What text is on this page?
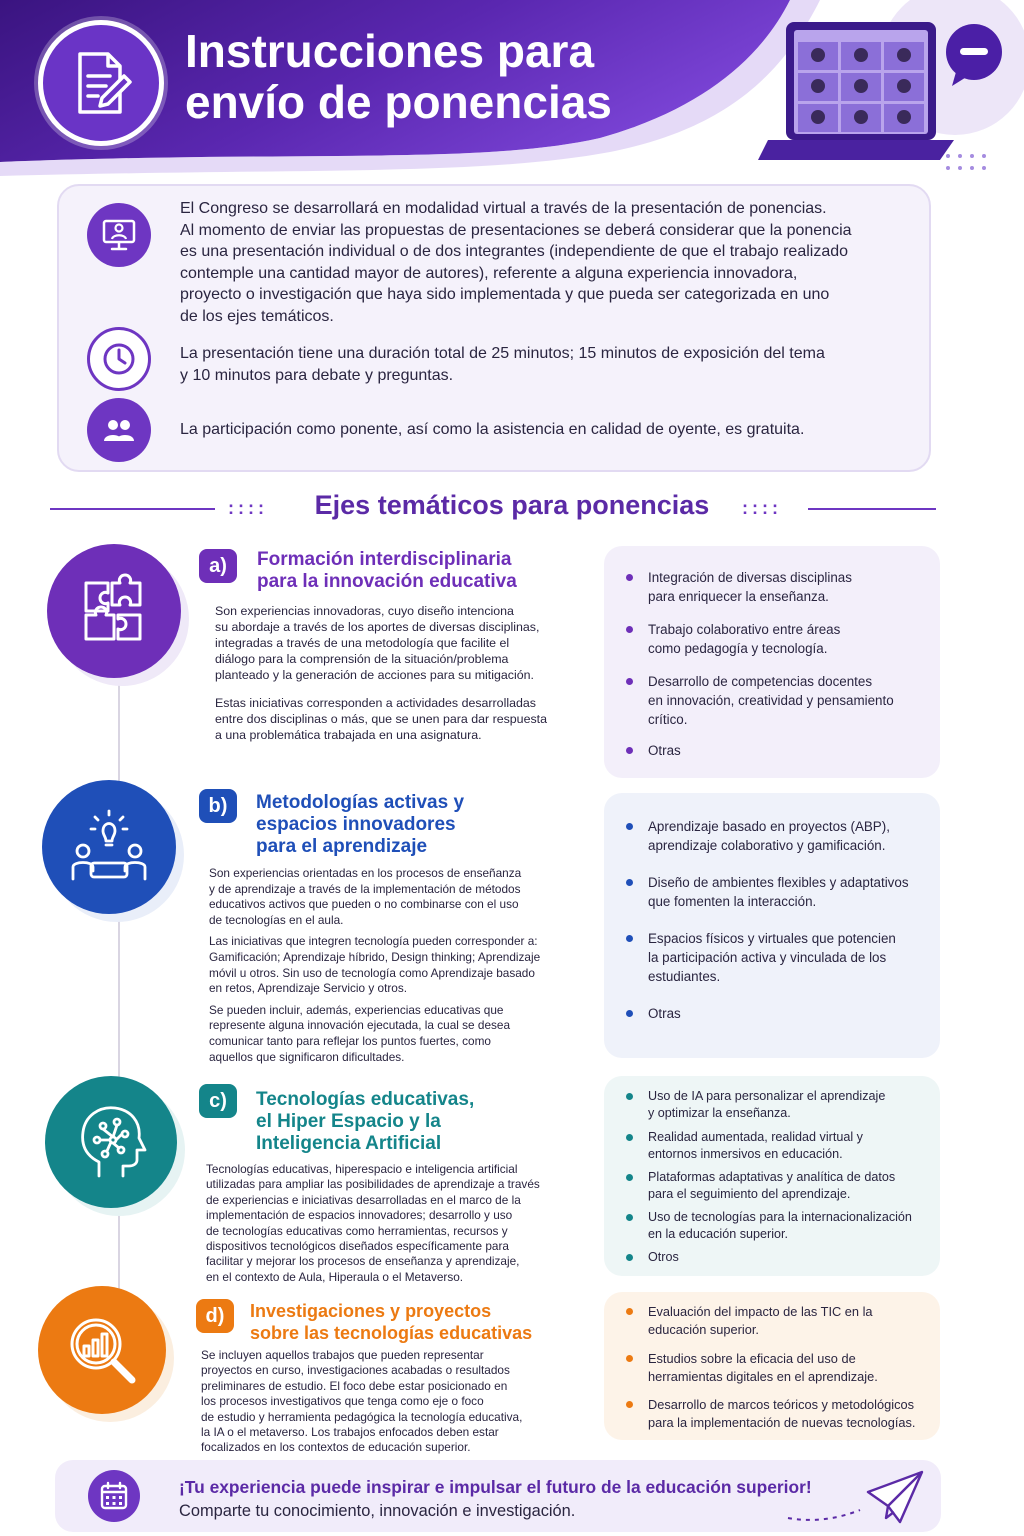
Instrucciones para
envío de ponencias
El Congreso se desarrollará en modalidad virtual a través de la presentación de ponencias.
Al momento de enviar las propuestas de presentaciones se deberá considerar que la ponencia
es una presentación individual o de dos integrantes (independiente de que el trabajo realizado
contemple una cantidad mayor de autores), referente a alguna experiencia innovadora,
proyecto o investigación que haya sido implementada y que pueda ser categorizada en uno
de los ejes temáticos.
La presentación tiene una duración total de 25 minutos; 15 minutos de exposición del tema
y 10 minutos para debate y preguntas.
La participación como ponente, así como la asistencia en calidad de oyente, es gratuita.
::::	Ejes temáticos para ponencias	::::
a)	Formación interdisciplinaria
para la innovación educativa

Son experiencias innovadoras, cuyo diseño intenciona
su abordaje a través de los aportes de diversas disciplinas,
integradas a través de una metodología que facilite el
diálogo para la comprensión de la situación/problema
planteado y la generación de acciones para su mitigación.

Estas iniciativas corresponden a actividades desarrolladas
entre dos disciplinas o más, que se unen para dar respuesta
a una problemática trabajada en una asignatura.

Integración de diversas disciplinas
para enriquecer la enseñanza.
Trabajo colaborativo entre áreas
como pedagogía y tecnología.
Desarrollo de competencias docentes
en innovación, creatividad y pensamiento
crítico.
Otras
b)	Metodologías activas y
espacios innovadores
para el aprendizaje

Son experiencias orientadas en los procesos de enseñanza
y de aprendizaje a través de la implementación de métodos
educativos activos que pueden o no combinarse con el uso
de tecnologías en el aula.

Las iniciativas que integren tecnología pueden corresponder a:
Gamificación; Aprendizaje híbrido, Design thinking; Aprendizaje
móvil u otros. Sin uso de tecnología como Aprendizaje basado
en retos, Aprendizaje Servicio y otros.

Se pueden incluir, además, experiencias educativas que
represente alguna innovación ejecutada, la cual se desea
comunicar tanto para reflejar los puntos fuertes, como
aquellos que significaron dificultades.

Aprendizaje basado en proyectos (ABP),
aprendizaje colaborativo y gamificación.
Diseño de ambientes flexibles y adaptativos
que fomenten la interacción.
Espacios físicos y virtuales que potencien
la participación activa y vinculada de los
estudiantes.
Otras
c)	Tecnologías educativas,
el Hiper Espacio y la
Inteligencia Artificial

Tecnologías educativas, hiperespacio e inteligencia artificial
utilizadas para ampliar las posibilidades de aprendizaje a través
de experiencias e iniciativas desarrolladas en el marco de la
implementación de espacios innovadores; desarrollo y uso
de tecnologías educativas como herramientas, recursos y
dispositivos tecnológicos diseñados específicamente para
facilitar y mejorar los procesos de enseñanza y aprendizaje,
en el contexto de Aula, Hiperaula o el Metaverso.

Uso de IA para personalizar el aprendizaje
y optimizar la enseñanza.
Realidad aumentada, realidad virtual y
entornos inmersivos en educación.
Plataformas adaptativas y analítica de datos
para el seguimiento del aprendizaje.
Uso de tecnologías para la internacionalización
en la educación superior.
Otros
d)	Investigaciones y proyectos
sobre las tecnologías educativas

Se incluyen aquellos trabajos que pueden representar
proyectos en curso, investigaciones acabadas o resultados
preliminares de estudio. El foco debe estar posicionado en
los procesos investigativos que tenga como eje o foco
de estudio y herramienta pedagógica la tecnología educativa,
la IA o el metaverso. Los trabajos enfocados deben estar
focalizados en los contextos de educación superior.

Evaluación del impacto de las TIC en la
educación superior.
Estudios sobre la eficacia del uso de
herramientas digitales en el aprendizaje.
Desarrollo de marcos teóricos y metodológicos
para la implementación de nuevas tecnologías.
¡Tu experiencia puede inspirar e impulsar el futuro de la educación superior!
Comparte tu conocimiento, innovación e investigación.
